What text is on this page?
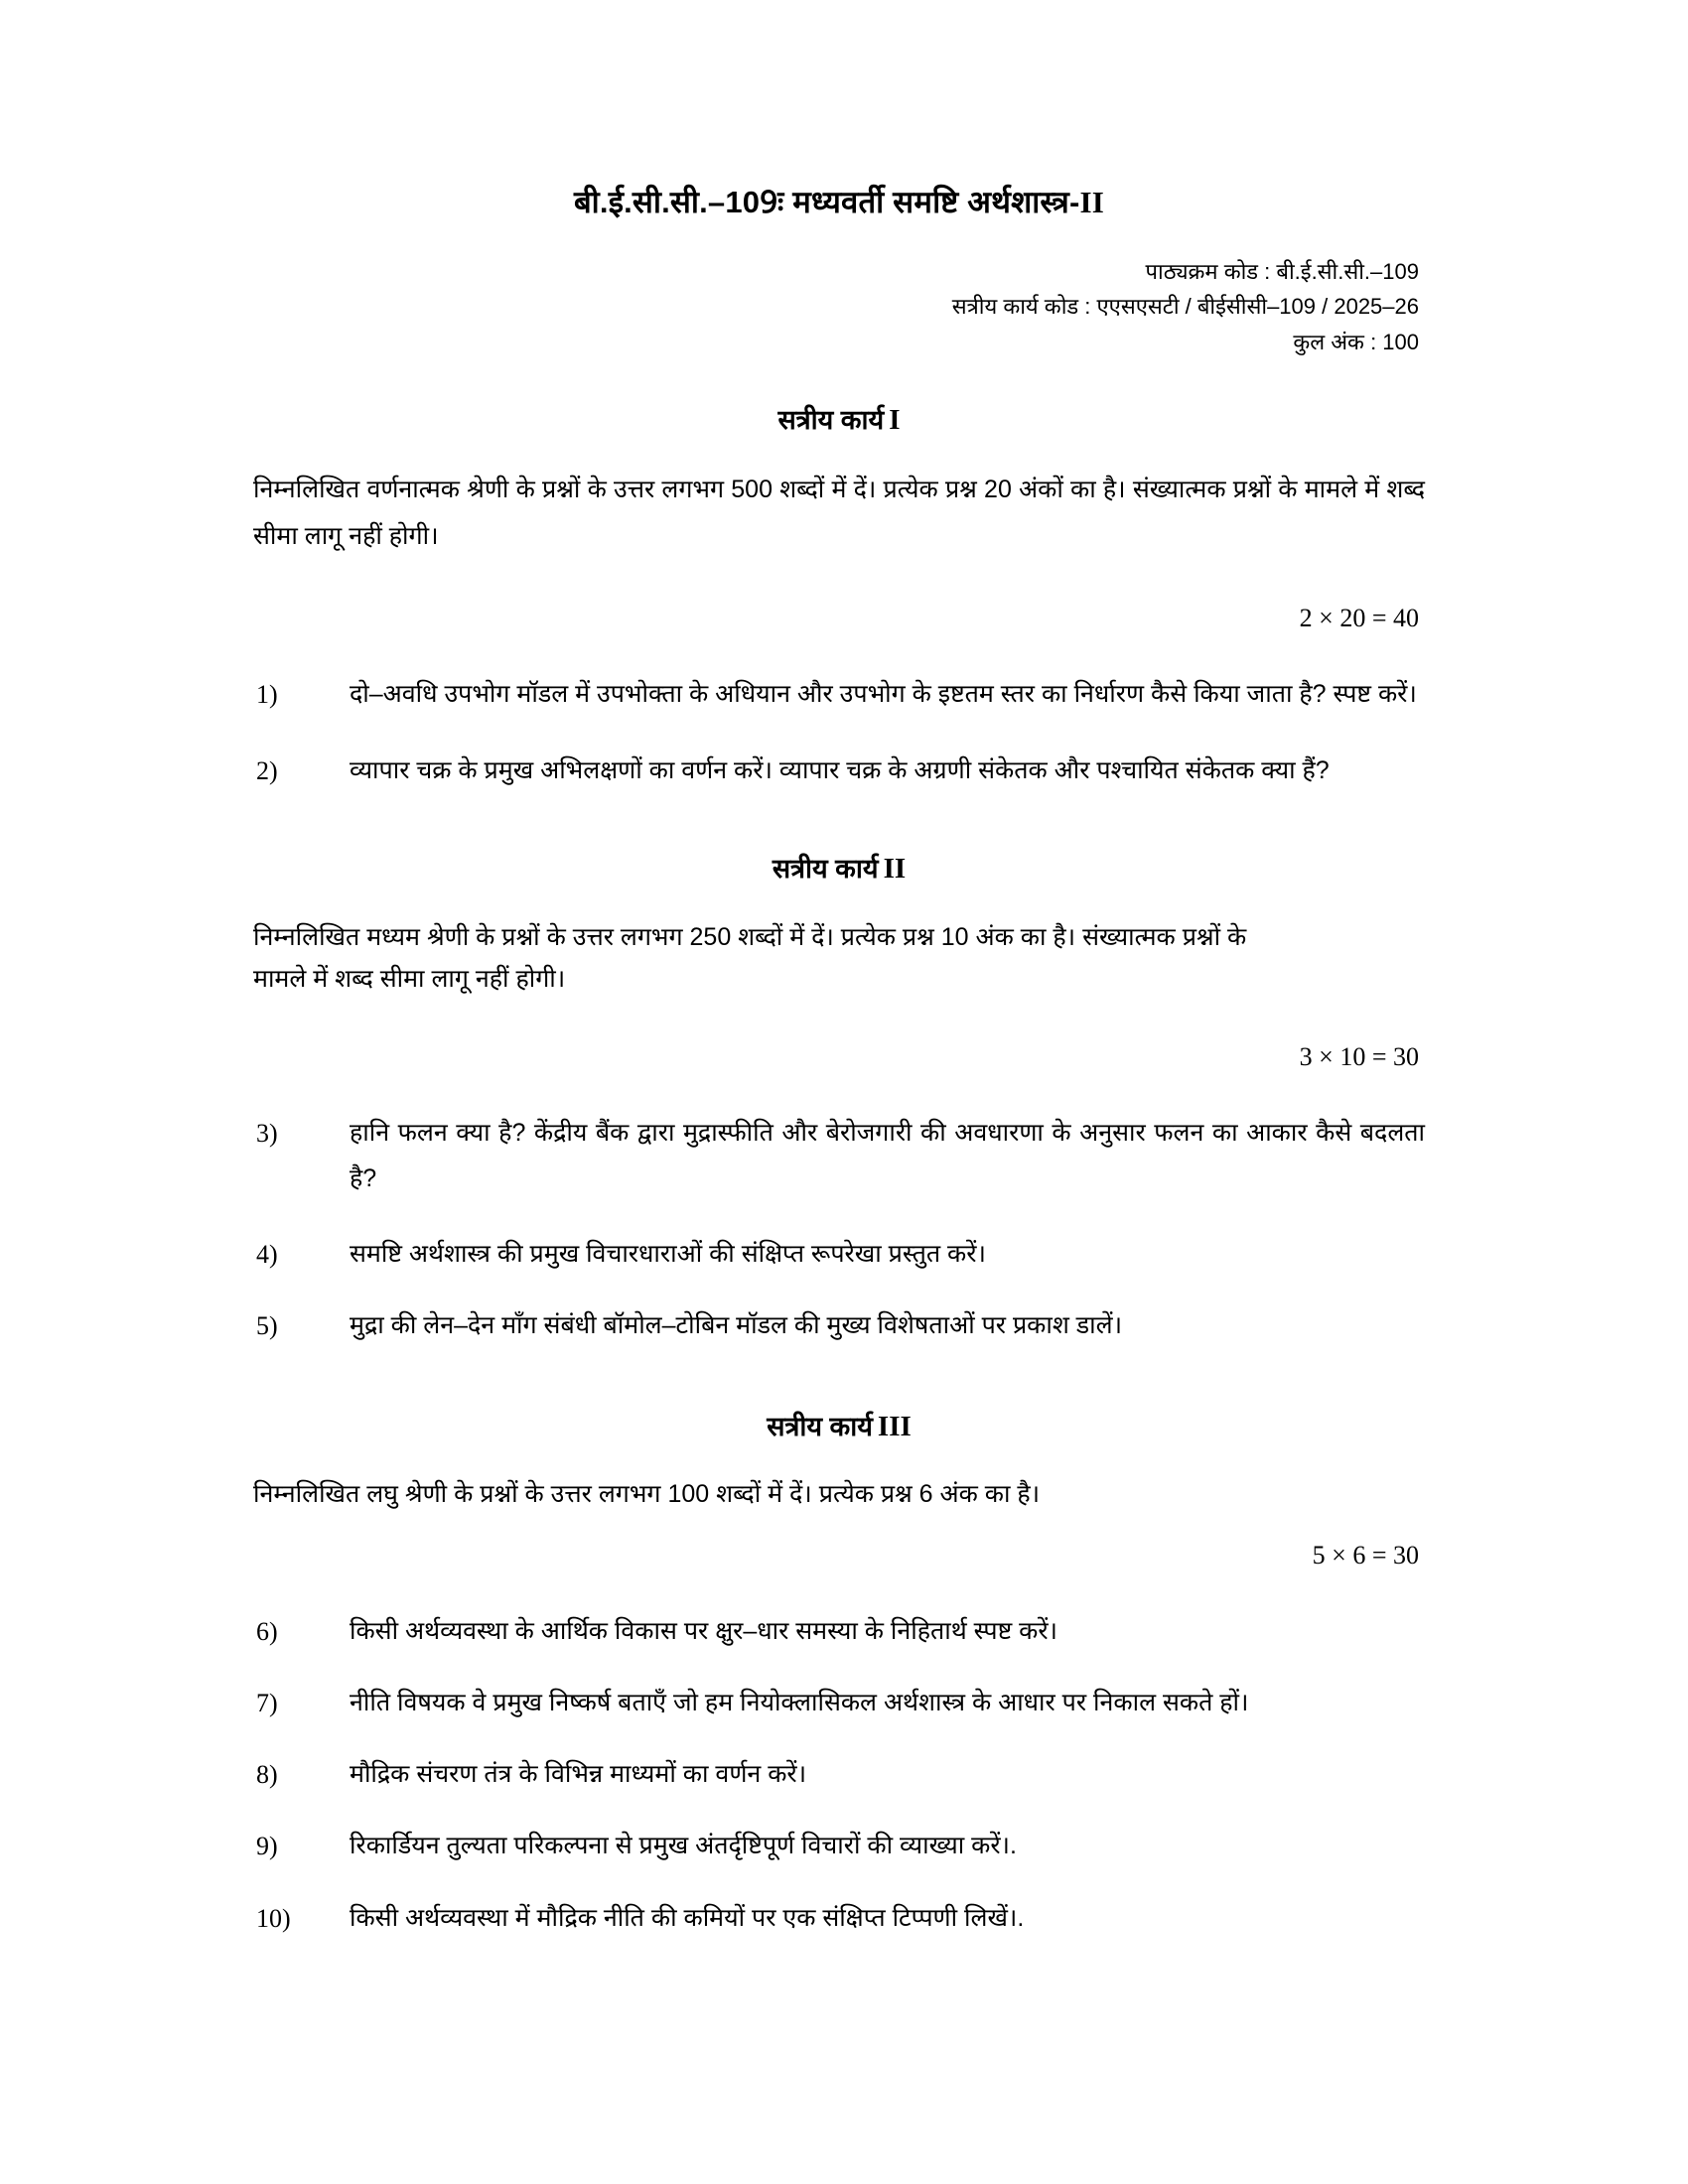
बी.ई.सी.सी.–109ः मध्यवर्ती समष्टि अर्थशास्त्र-II
पाठ्यक्रम कोड : बी.ई.सी.सी.–109
सत्रीय कार्य कोड : एएसएसटी / बीईसीसी–109 / 2025–26
कुल अंक : 100
सत्रीय कार्य I

निम्नलिखित वर्णनात्मक श्रेणी के प्रश्नों के उत्तर लगभग 500 शब्दों में दें। प्रत्येक प्रश्न 20 अंकों का है। संख्यात्मक प्रश्नों के मामले में शब्द सीमा लागू नहीं होगी।

2 × 20 = 40
1)	दो–अवधि उपभोग मॉडल में उपभोक्ता के अधियान और उपभोग के इष्टतम स्तर का निर्धारण कैसे किया जाता है? स्पष्ट करें।
2)	व्यापार चक्र के प्रमुख अभिलक्षणों का वर्णन करें। व्यापार चक्र के अग्रणी संकेतक और पश्चायित संकेतक क्या हैं?
सत्रीय कार्य II

निम्नलिखित मध्यम श्रेणी के प्रश्नों के उत्तर लगभग 250 शब्दों में दें। प्रत्येक प्रश्न 10 अंक का है। संख्यात्मक प्रश्नों के मामले में शब्द सीमा लागू नहीं होगी।

3 × 10 = 30
3)	हानि फलन क्या है? केंद्रीय बैंक द्वारा मुद्रास्फीति और बेरोजगारी की अवधारणा के अनुसार फलन का आकार कैसे बदलता है?
4)	समष्टि अर्थशास्त्र की प्रमुख विचारधाराओं की संक्षिप्त रूपरेखा प्रस्तुत करें।
5)	मुद्रा की लेन–देन माँग संबंधी बॉमोल–टोबिन मॉडल की मुख्य विशेषताओं पर प्रकाश डालें।
सत्रीय कार्य III

निम्नलिखित लघु श्रेणी के प्रश्नों के उत्तर लगभग 100 शब्दों में दें। प्रत्येक प्रश्न 6 अंक का है।

5 × 6 = 30
6)	किसी अर्थव्यवस्था के आर्थिक विकास पर क्षुर–धार समस्या के निहितार्थ स्पष्ट करें।
7)	नीति विषयक वे प्रमुख निष्कर्ष बताएँ जो हम नियोक्लासिकल अर्थशास्त्र के आधार पर निकाल सकते हों।
8)	मौद्रिक संचरण तंत्र के विभिन्न माध्यमों का वर्णन करें।
9)	रिकार्डियन तुल्यता परिकल्पना से प्रमुख अंतर्दृष्टिपूर्ण विचारों की व्याख्या करें।.
10) किसी अर्थव्यवस्था में मौद्रिक नीति की कमियों पर एक संक्षिप्त टिप्पणी लिखें।.
